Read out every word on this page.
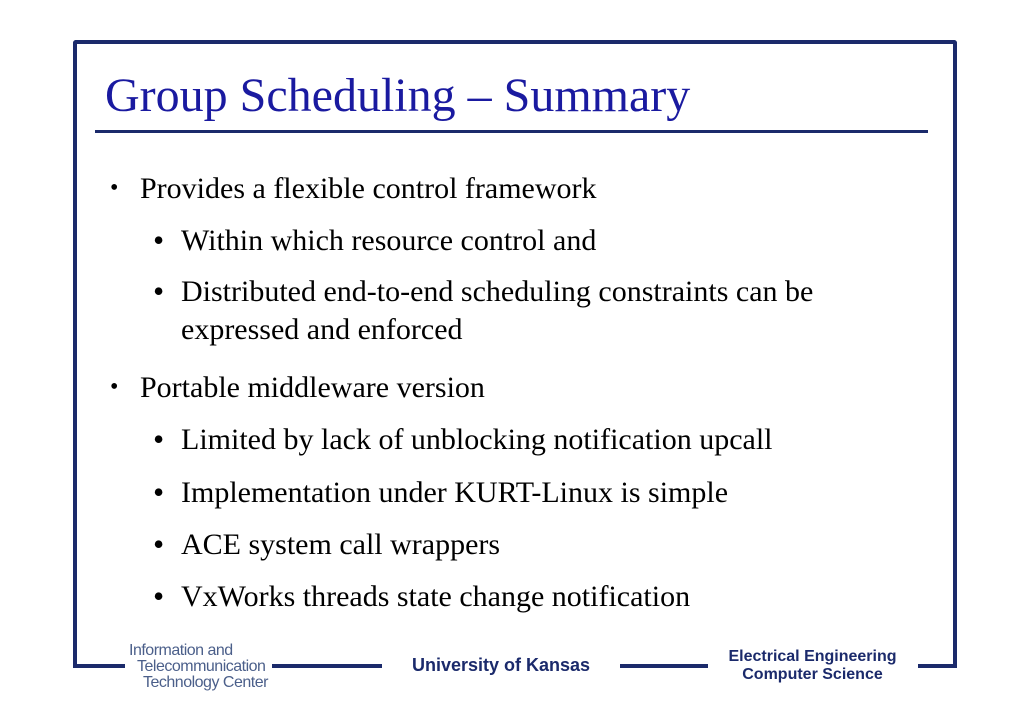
Group Scheduling – Summary
• Provides a flexible control framework
• Within which resource control and
• Distributed end-to-end scheduling constraints can be expressed and enforced
• Portable middleware version
• Limited by lack of unblocking notification upcall
• Implementation under KURT-Linux is simple
• ACE system call wrappers
• VxWorks threads state change notification
Information and
Telecommunication
Technology Center
University of Kansas	Electrical Engineering
Computer Science
